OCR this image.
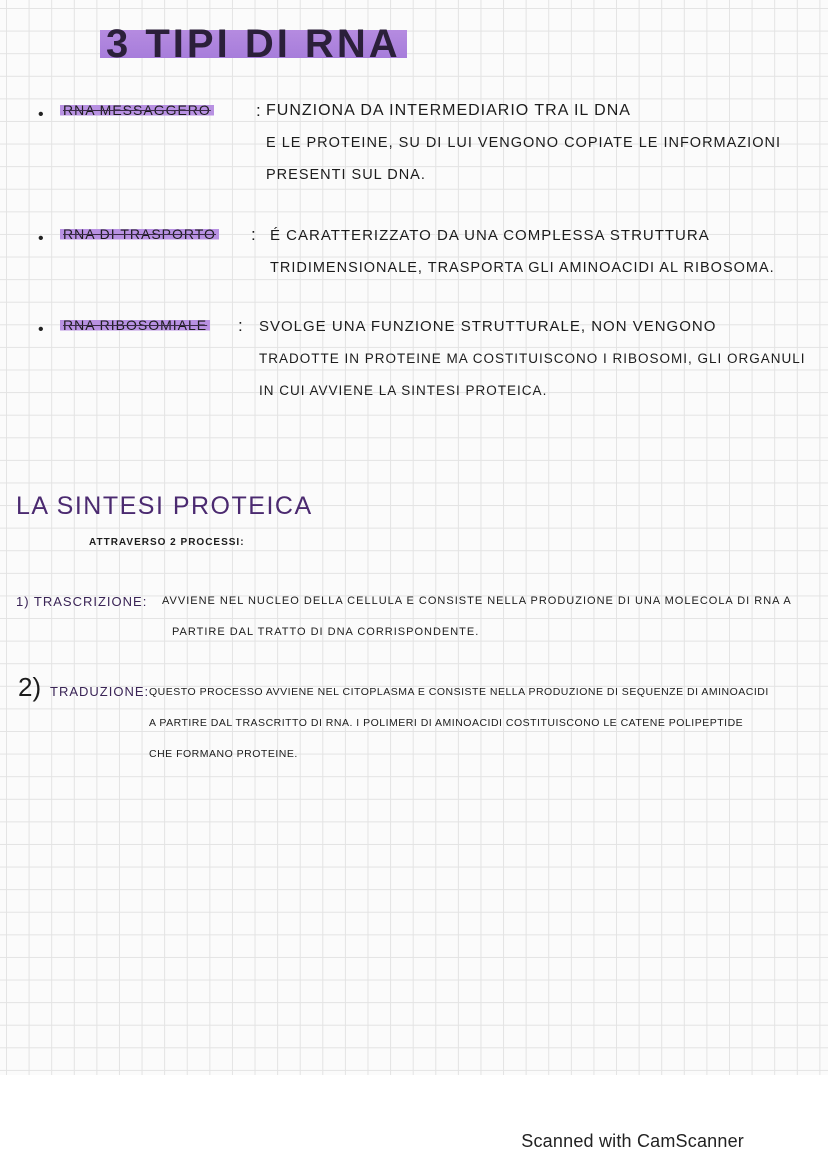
3 TIPI DI RNA
• RNA MESSAGGERO	: FUNZIONA DA INTERMEDIARIO TRA IL DNA
E LE PROTEINE, SU DI LUI VENGONO COPIATE LE INFORMAZIONI
PRESENTI SUL DNA.
• RNA DI TRASPORTO : É CARATTERIZZATO DA UNA COMPLESSA STRUTTURA
TRIDIMENSIONALE, TRASPORTA GLI AMINOACIDI AL RIBOSOMA.
• RNA RIBOSOMIALE : SVOLGE UNA FUNZIONE STRUTTURALE, NON VENGONO
TRADOTTE IN PROTEINE MA COSTITUISCONO I RIBOSOMI, GLI ORGANULI
IN CUI AVVIENE LA SINTESI PROTEICA.
LA SINTESI PROTEICA
ATTRAVERSO 2 PROCESSI:
1) TRASCRIZIONE: AVVIENE NEL NUCLEO DELLA CELLULA E CONSISTE NELLA PRODUZIONE DI UNA MOLECOLA DI RNA A
PARTIRE DAL TRATTO DI DNA CORRISPONDENTE.
2) TRADUZIONE: QUESTO PROCESSO AVVIENE NEL CITOPLASMA E CONSISTE NELLA PRODUZIONE DI SEQUENZE DI AMINOACIDI
A PARTIRE DAL TRASCRITTO DI RNA. I POLIMERI DI AMINOACIDI COSTITUISCONO LE CATENE POLIPEPTIDE
CHE FORMANO PROTEINE.
Scanned with CamScanner
